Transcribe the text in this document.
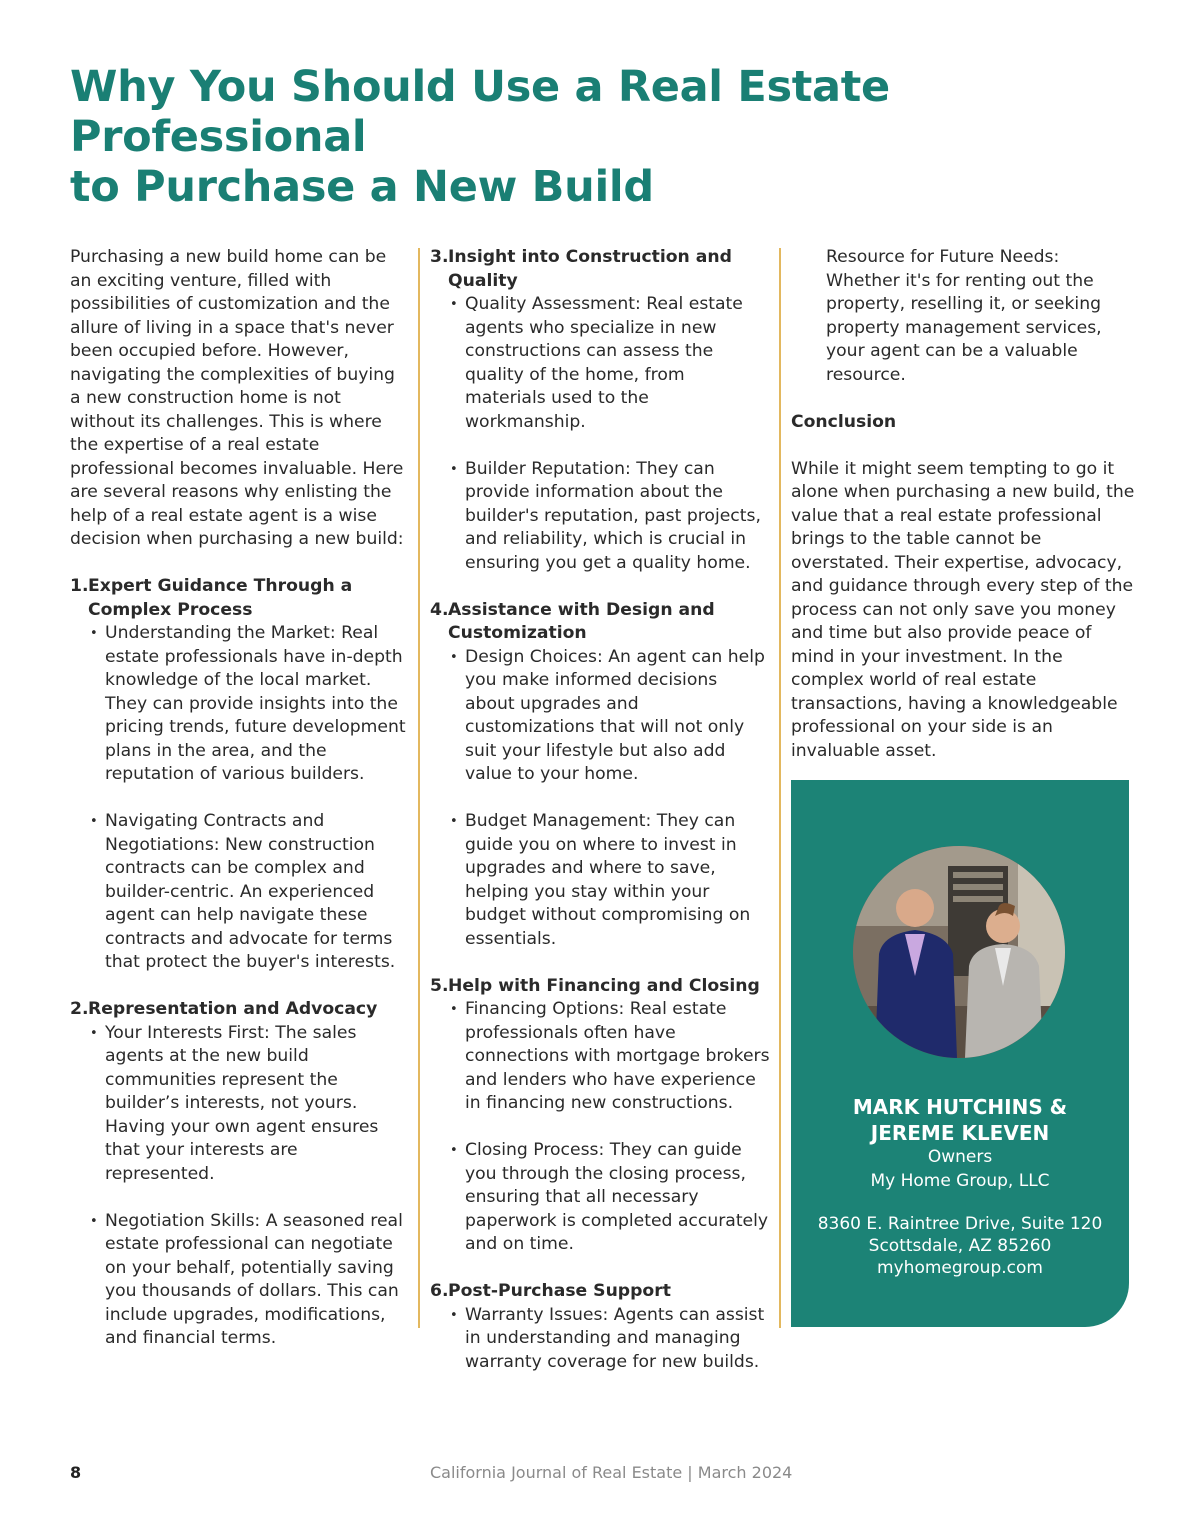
Why You Should Use a Real Estate Professional
to Purchase a New Build

Purchasing a new build home can be an exciting venture, filled with possibilities of customization and the allure of living in a space that's never been occupied before. However, navigating the complexities of buying a new construction home is not without its challenges. This is where the expertise of a real estate professional becomes invaluable. Here are several reasons why enlisting the help of a real estate agent is a wise decision when purchasing a new build:

1. Expert Guidance Through a Complex Process
• Understanding the Market: Real estate professionals have in-depth knowledge of the local market. They can provide insights into the pricing trends, future development plans in the area, and the reputation of various builders.
• Navigating Contracts and Negotiations: New construction contracts can be complex and builder-centric. An experienced agent can help navigate these contracts and advocate for terms that protect the buyer's interests.
2. Representation and Advocacy
• Your Interests First: The sales agents at the new build communities represent the builder’s interests, not yours. Having your own agent ensures that your interests are represented.
• Negotiation Skills: A seasoned real estate professional can negotiate on your behalf, potentially saving you thousands of dollars. This can include upgrades, modifications, and financial terms.
3. Insight into Construction and Quality
• Quality Assessment: Real estate agents who specialize in new constructions can assess the quality of the home, from materials used to the workmanship.
• Builder Reputation: They can provide information about the builder's reputation, past projects, and reliability, which is crucial in ensuring you get a quality home.
4. Assistance with Design and Customization
• Design Choices: An agent can help you make informed decisions about upgrades and customizations that will not only suit your lifestyle but also add value to your home.
• Budget Management: They can guide you on where to invest in upgrades and where to save, helping you stay within your budget without compromising on essentials.
5. Help with Financing and Closing
• Financing Options: Real estate professionals often have connections with mortgage brokers and lenders who have experience in financing new constructions.
• Closing Process: They can guide you through the closing process, ensuring that all necessary paperwork is completed accurately and on time.
6. Post-Purchase Support
• Warranty Issues: Agents can assist in understanding and managing warranty coverage for new builds.

Resource for Future Needs: Whether it's for renting out the property, reselling it, or seeking property management services, your agent can be a valuable resource.

Conclusion

While it might seem tempting to go it alone when purchasing a new build, the value that a real estate professional brings to the table cannot be overstated. Their expertise, advocacy, and guidance through every step of the process can not only save you money and time but also provide peace of mind in your investment. In the complex world of real estate transactions, having a knowledgeable professional on your side is an invaluable asset.

MARK HUTCHINS &
JEREME KLEVEN
Owners
My Home Group, LLC
8360 E. Raintree Drive, Suite 120
Scottsdale, AZ 85260
myhomegroup.com
8	California Journal of Real Estate | March 2024
